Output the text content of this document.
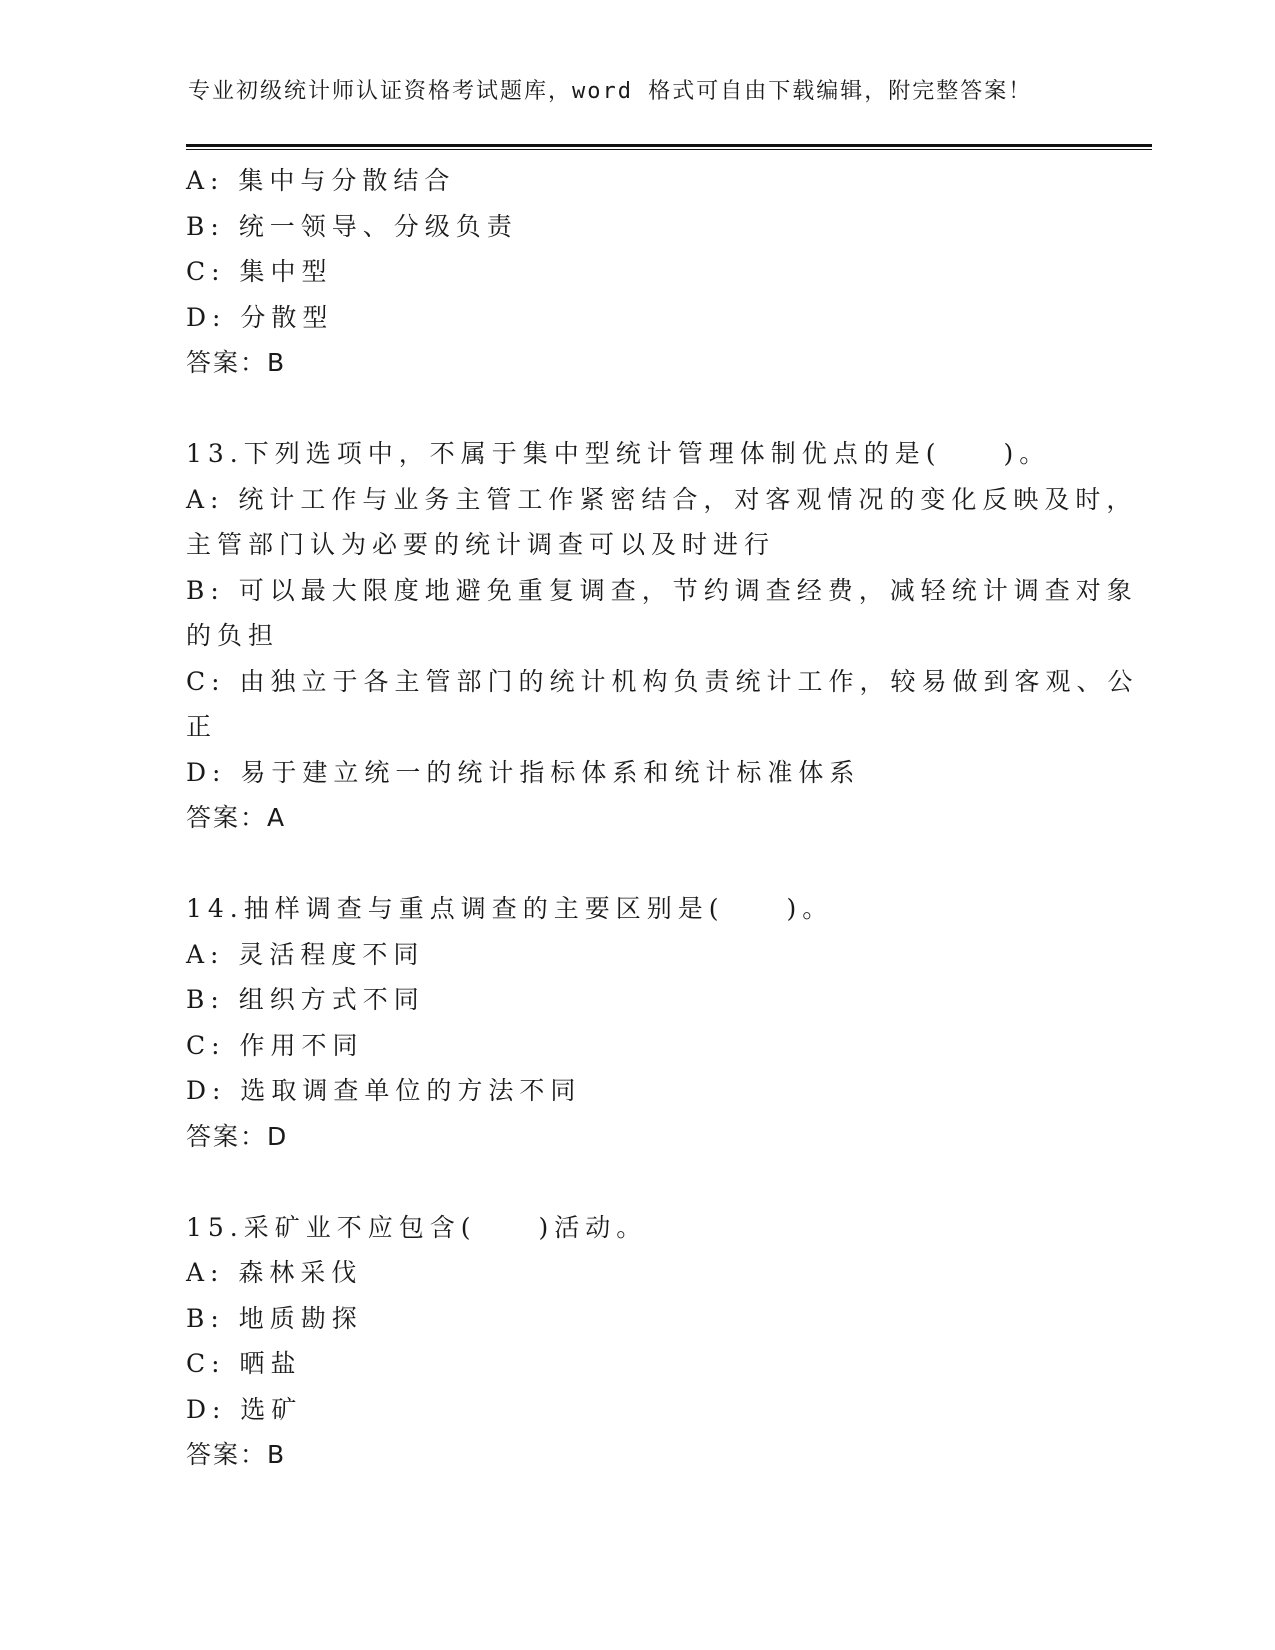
专业初级统计师认证资格考试题库，word 格式可自由下载编辑，附完整答案！
A: 集中与分散结合
B: 统一领导、分级负责
C: 集中型
D: 分散型
答案：B
13.下列选项中，不属于集中型统计管理体制优点的是(　　)。
A: 统计工作与业务主管工作紧密结合，对客观情况的变化反映及时，
主管部门认为必要的统计调查可以及时进行
B: 可以最大限度地避免重复调查，节约调查经费，减轻统计调查对象
的负担
C: 由独立于各主管部门的统计机构负责统计工作，较易做到客观、公
正
D: 易于建立统一的统计指标体系和统计标准体系
答案：A
14.抽样调查与重点调查的主要区别是(　　)。
A: 灵活程度不同
B: 组织方式不同
C: 作用不同
D: 选取调查单位的方法不同
答案：D
15.采矿业不应包含(　　)活动。
A: 森林采伐
B: 地质勘探
C: 晒盐
D: 选矿
答案：B
